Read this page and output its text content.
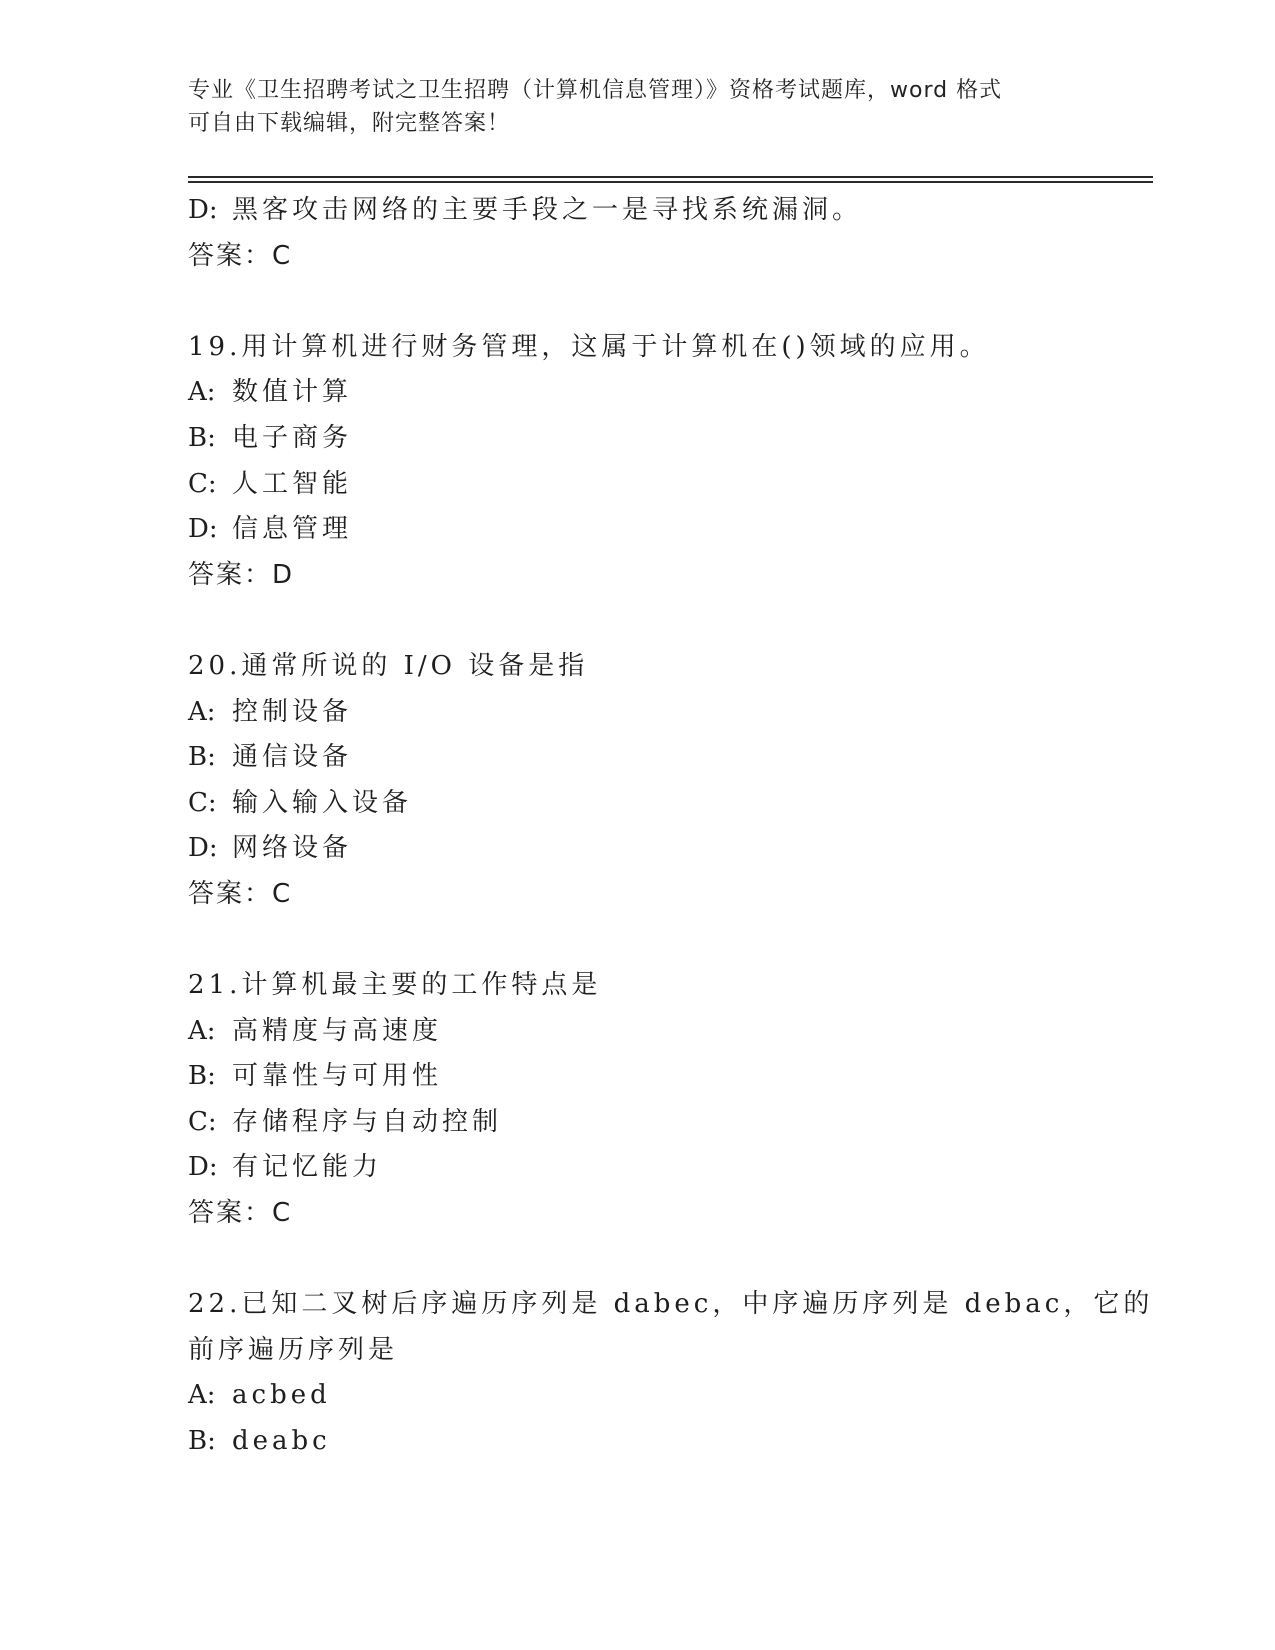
专业《卫生招聘考试之卫生招聘（计算机信息管理）》资格考试题库，word 格式
可自由下载编辑，附完整答案！
D: 黑客攻击网络的主要手段之一是寻找系统漏洞。
答案：C
19.用计算机进行财务管理，这属于计算机在()领域的应用。
A: 数值计算
B: 电子商务
C: 人工智能
D: 信息管理
答案：D
20.通常所说的 I/O 设备是指
A: 控制设备
B: 通信设备
C: 输入输入设备
D: 网络设备
答案：C
21.计算机最主要的工作特点是
A: 高精度与高速度
B: 可靠性与可用性
C: 存储程序与自动控制
D: 有记忆能力
答案：C
22.已知二叉树后序遍历序列是 dabec，中序遍历序列是 debac，它的
前序遍历序列是
A: acbed
B: deabc
